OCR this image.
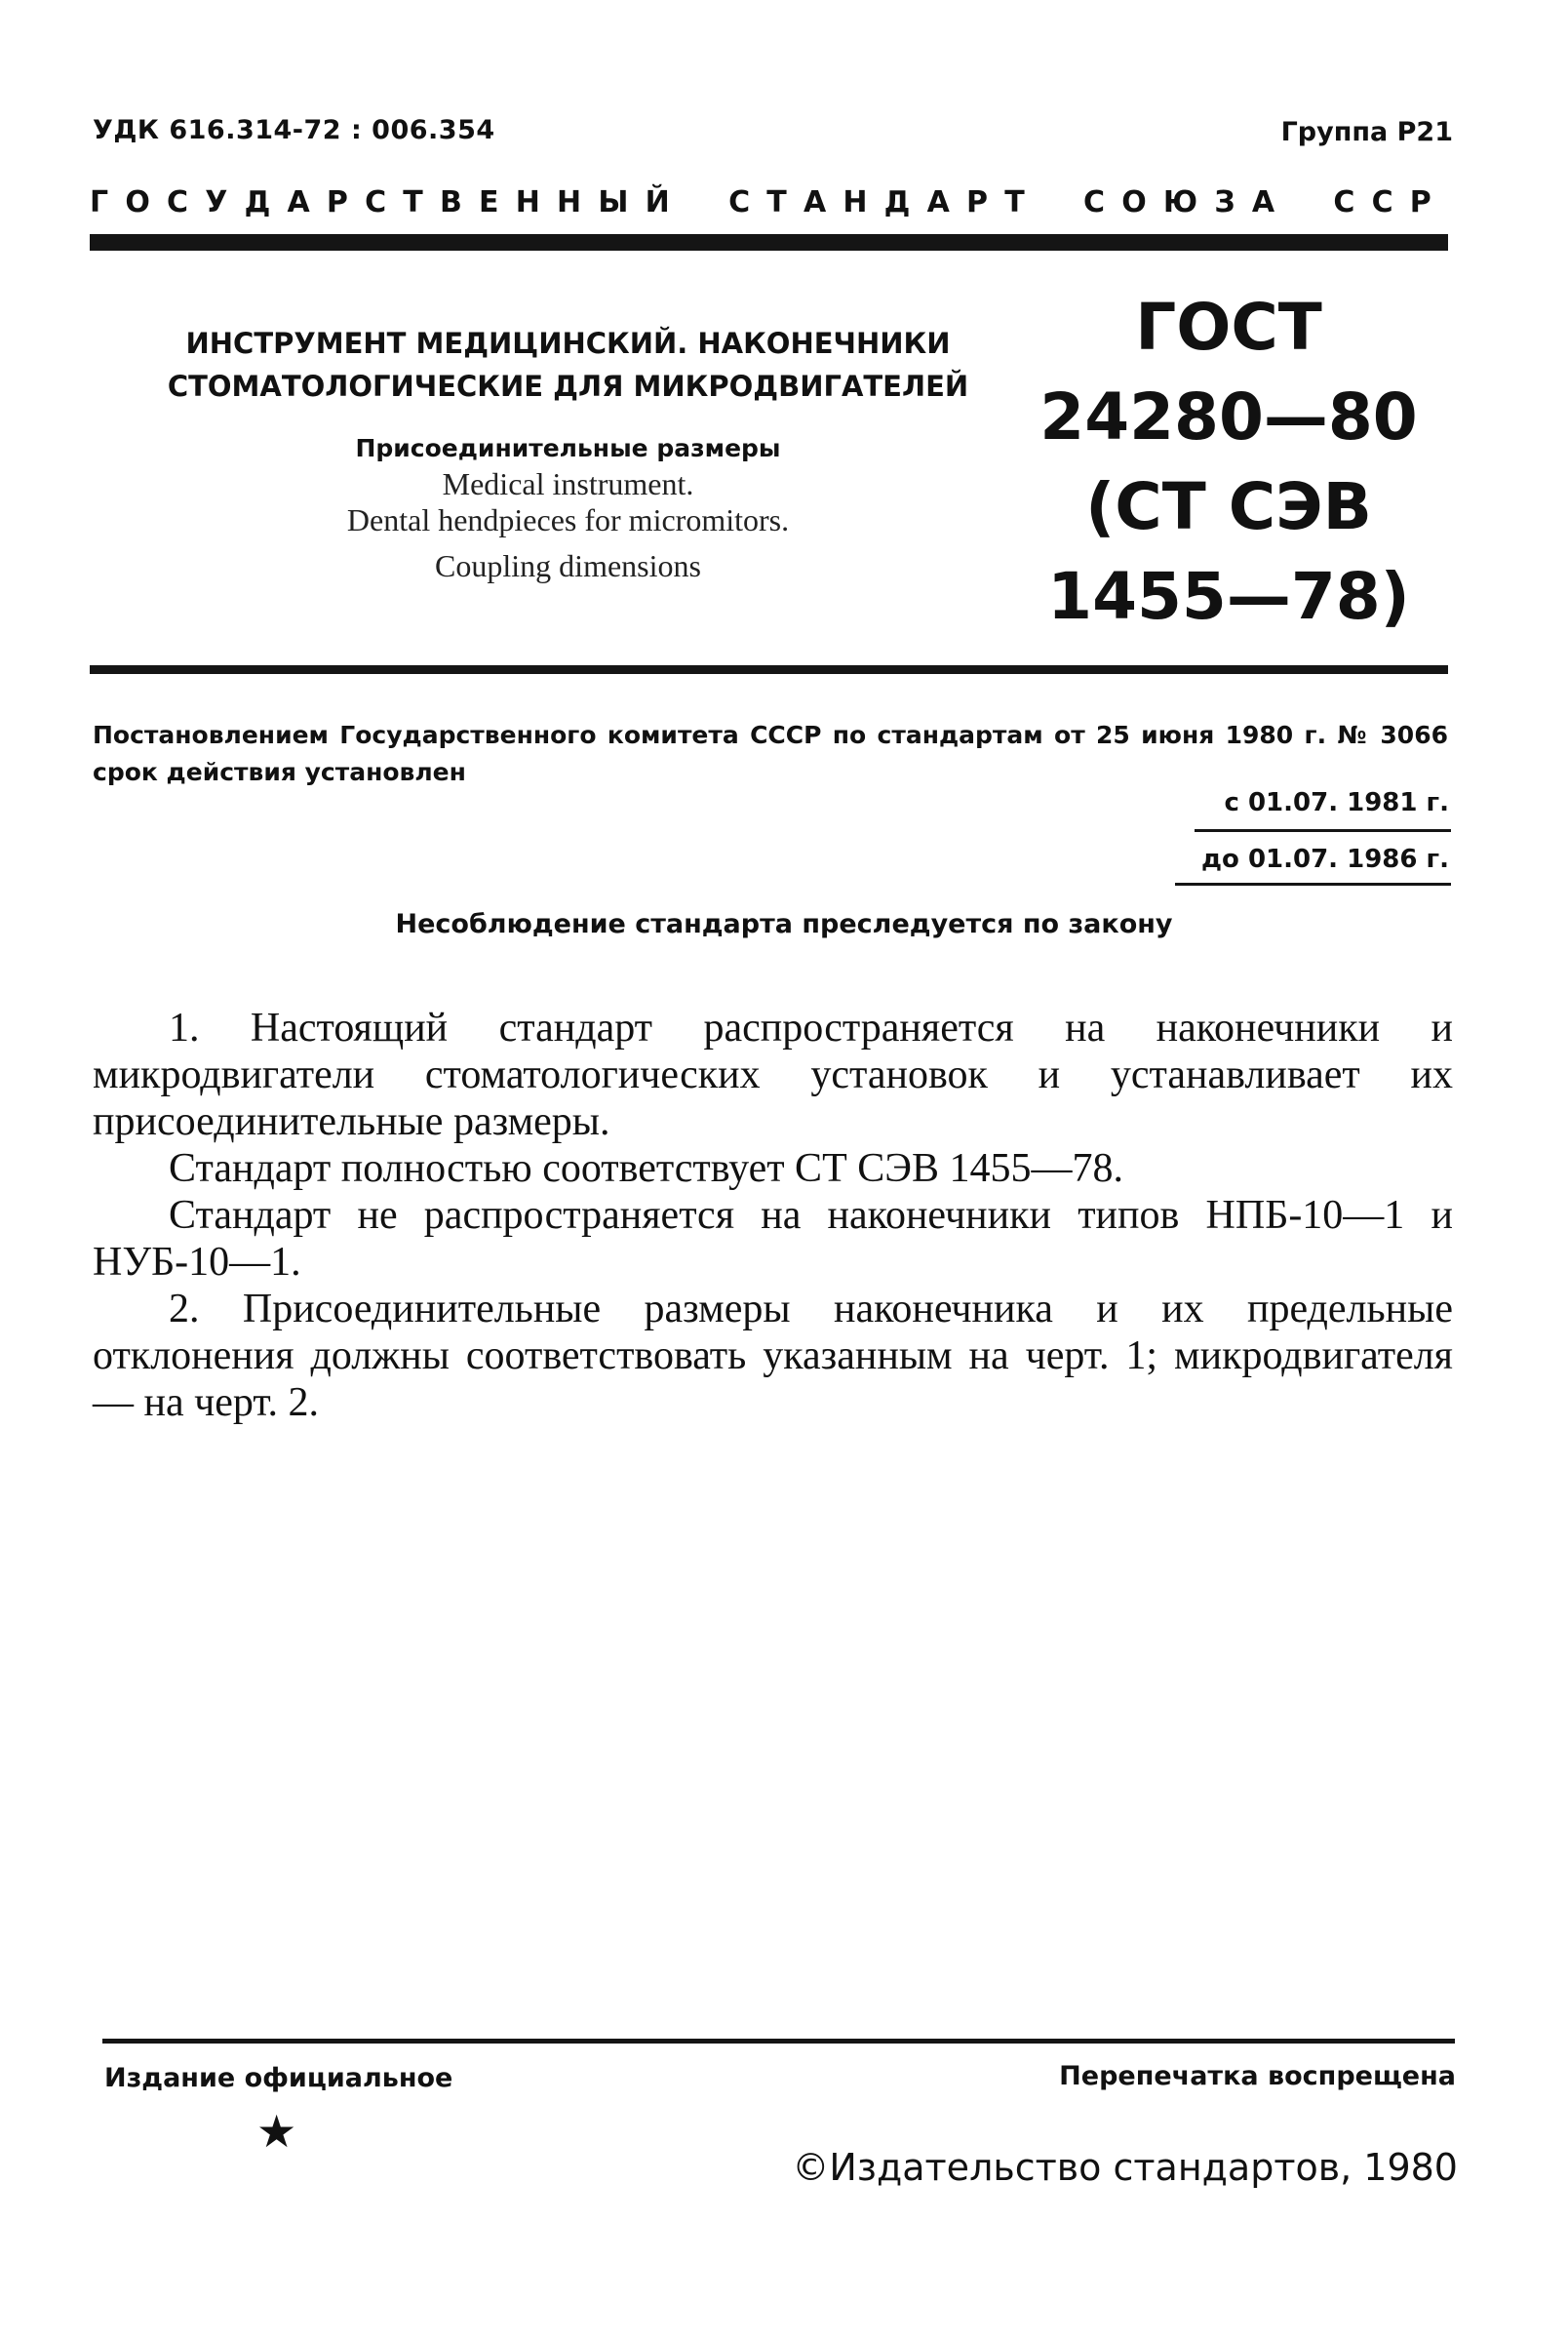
УДК 616.314-72 : 006.354	Группа Р21
ГОСУДАРСТВЕННЫЙ СТАНДАРТ СОЮЗА ССР
ИНСТРУМЕНТ МЕДИЦИНСКИЙ. НАКОНЕЧНИКИ
СТОМАТОЛОГИЧЕСКИЕ ДЛЯ МИКРОДВИГАТЕЛЕЙ
Присоединительные размеры
Medical instrument.
Dental hendpieces for micromitors.
Coupling dimensions
ГОСТ
24280—80
(СТ СЭВ
1455—78)
Постановлением Государственного комитета СССР по стандартам от 25 июня 1980 г. № 3066 срок действия установлен
с 01.07. 1981 г.
до 01.07. 1986 г.
Несоблюдение стандарта преследуется по закону

1. Настоящий стандарт распространяется на наконечники и микродвигатели стоматологических установок и устанавливает их присоединительные размеры.

Стандарт полностью соответствует СТ СЭВ 1455—78.

Стандарт не распространяется на наконечники типов НПБ-10—1 и НУБ-10—1.

2. Присоединительные размеры наконечника и их предельные отклонения должны соответствовать указанным на черт. 1; микродвигателя — на черт. 2.

Издание официальное	Перепечатка воспрещена
★
©Издательство стандартов, 1980
